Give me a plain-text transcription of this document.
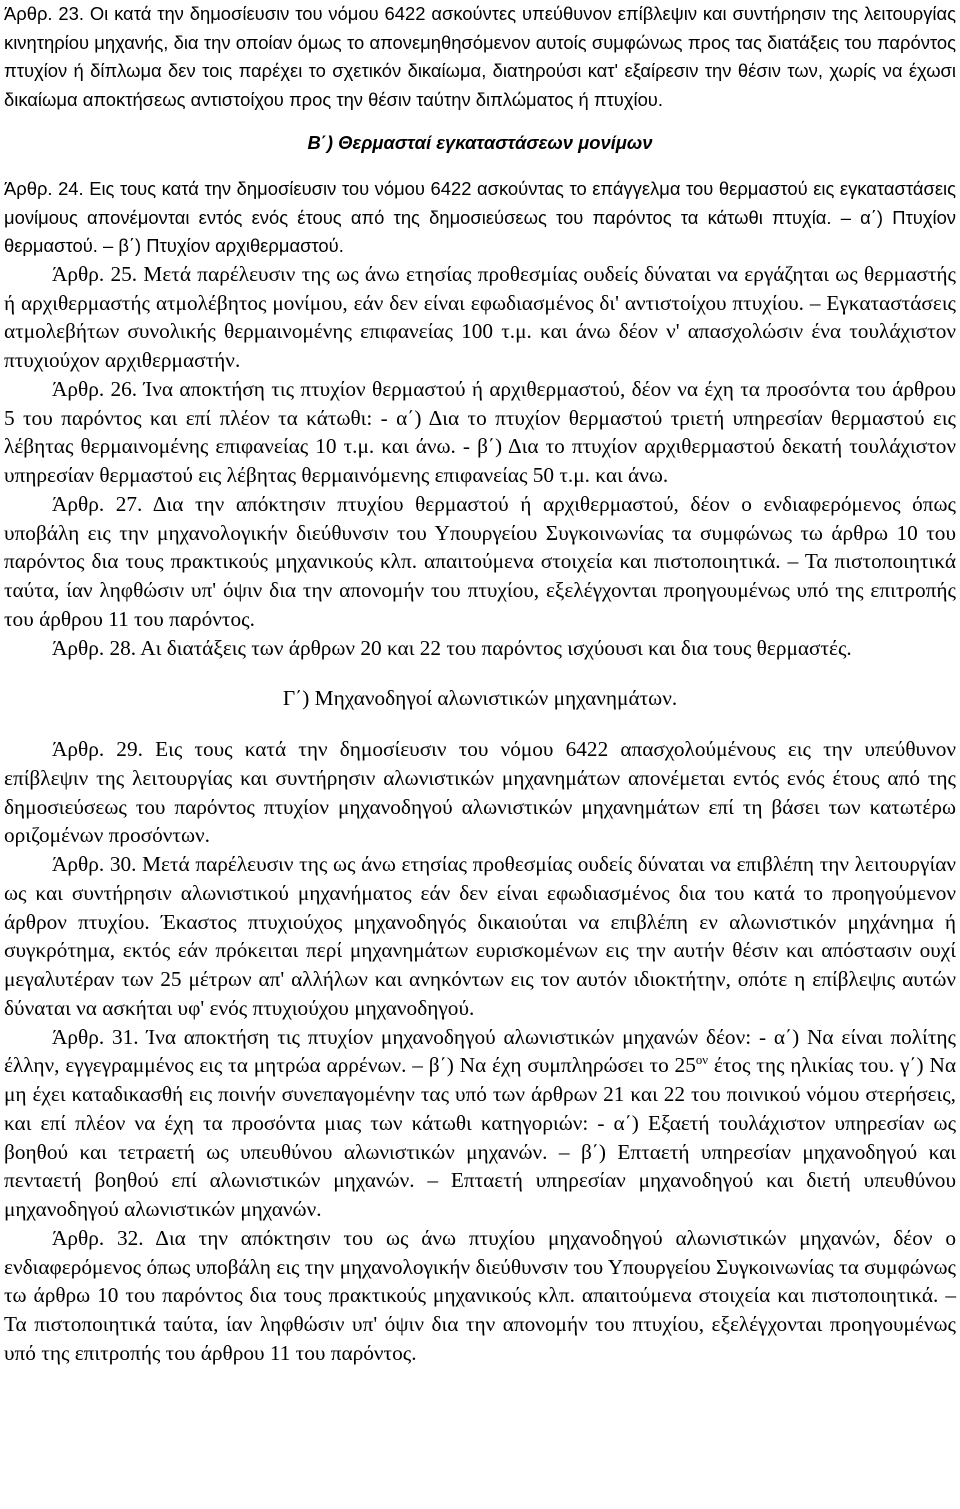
Άρθρ. 23. Οι κατά την δημοσίευσιν του νόμου 6422 ασκούντες υπεύθυνον επίβλεψιν και συντήρησιν της λειτουργίας κινητηρίου μηχανής, δια την οποίαν όμως το απονεμηθησόμενον αυτοίς συμφώνως προς τας διατάξεις του παρόντος πτυχίον ή δίπλωμα δεν τοις παρέχει το σχετικόν δικαίωμα, διατηρούσι κατ' εξαίρεσιν την θέσιν των, χωρίς να έχωσι δικαίωμα αποκτήσεως αντιστοίχου προς την θέσιν ταύτην διπλώματος ή πτυχίου.

Β΄) Θερμασταί εγκαταστάσεων μονίμων

Άρθρ. 24. Εις τους κατά την δημοσίευσιν του νόμου 6422 ασκούντας το επάγγελμα του θερμαστού εις εγκαταστάσεις μονίμους απονέμονται εντός ενός έτους από της δημοσιεύσεως του παρόντος τα κάτωθι πτυχία. – α΄) Πτυχίον θερμαστού. – β΄) Πτυχίον αρχιθερμαστού.

Άρθρ. 25. Μετά παρέλευσιν της ως άνω ετησίας προθεσμίας ουδείς δύναται να εργάζηται ως θερμαστής ή αρχιθερμαστής ατμολέβητος μονίμου, εάν δεν είναι εφωδιασμένος δι' αντιστοίχου πτυχίου. – Εγκαταστάσεις ατμολεβήτων συνολικής θερμαινομένης επιφανείας 100 τ.μ. και άνω δέον ν' απασχολώσιν ένα τουλάχιστον πτυχιούχον αρχιθερμαστήν.

Άρθρ. 26. Ίνα αποκτήση τις πτυχίον θερμαστού ή αρχιθερμαστού, δέον να έχη τα προσόντα του άρθρου 5 του παρόντος και επί πλέον τα κάτωθι: - α΄) Δια το πτυχίον θερμαστού τριετή υπηρεσίαν θερμαστού εις λέβητας θερμαινομένης επιφανείας 10 τ.μ. και άνω. - β΄) Δια το πτυχίον αρχιθερμαστού δεκατή τουλάχιστον υπηρεσίαν θερμαστού εις λέβητας θερμαινόμενης επιφανείας 50 τ.μ. και άνω.

Άρθρ. 27. Δια την απόκτησιν πτυχίου θερμαστού ή αρχιθερμαστού, δέον ο ενδιαφερόμενος όπως υποβάλη εις την μηχανολογικήν διεύθυνσιν του Υπουργείου Συγκοινωνίας τα συμφώνως τω άρθρω 10 του παρόντος δια τους πρακτικούς μηχανικούς κλπ. απαιτούμενα στοιχεία και πιστοποιητικά. – Τα πιστοποιητικά ταύτα, ίαν ληφθώσιν υπ' όψιν δια την απονομήν του πτυχίου, εξελέγχονται προηγουμένως υπό της επιτροπής του άρθρου 11 του παρόντος.

Άρθρ. 28. Αι διατάξεις των άρθρων 20 και 22 του παρόντος ισχύουσι και δια τους θερμαστές.

Γ΄) Μηχανοδηγοί αλωνιστικών μηχανημάτων.

Άρθρ. 29. Εις τους κατά την δημοσίευσιν του νόμου 6422 απασχολούμένους εις την υπεύθυνον επίβλεψιν της λειτουργίας και συντήρησιν αλωνιστικών μηχανημάτων απονέμεται εντός ενός έτους από της δημοσιεύσεως του παρόντος πτυχίον μηχανοδηγού αλωνιστικών μηχανημάτων επί τη βάσει των κατωτέρω οριζομένων προσόντων.

Άρθρ. 30. Μετά παρέλευσιν της ως άνω ετησίας προθεσμίας ουδείς δύναται να επιβλέπη την λειτουργίαν ως και συντήρησιν αλωνιστικού μηχανήματος εάν δεν είναι εφωδιασμένος δια του κατά το προηγούμενον άρθρον πτυχίου. Έκαστος πτυχιούχος μηχανοδηγός δικαιούται να επιβλέπη εν αλωνιστικόν μηχάνημα ή συγκρότημα, εκτός εάν πρόκειται περί μηχανημάτων ευρισκομένων εις την αυτήν θέσιν και απόστασιν ουχί μεγαλυτέραν των 25 μέτρων απ' αλλήλων και ανηκόντων εις τον αυτόν ιδιοκτήτην, οπότε η επίβλεψις αυτών δύναται να ασκήται υφ' ενός πτυχιούχου μηχανοδηγού.

Άρθρ. 31. Ίνα αποκτήση τις πτυχίον μηχανοδηγού αλωνιστικών μηχανών δέον: - α΄) Να είναι πολίτης έλλην, εγγεγραμμένος εις τα μητρώα αρρένων. – β΄) Να έχη συμπληρώσει το $25^{o\nu}$ έτος της ηλικίας του. γ΄) Να μη έχει καταδικασθή εις ποινήν συνεπαγομένην τας υπό των άρθρων 21 και 22 του ποινικού νόμου στερήσεις, και επί πλέον να έχη τα προσόντα μιας των κάτωθι κατηγοριών: - α΄) Εξαετή τουλάχιστον υπηρεσίαν ως βοηθού και τετραετή ως υπευθύνου αλωνιστικών μηχανών. – β΄) Επταετή υπηρεσίαν μηχανοδηγού και πενταετή βοηθού επί αλωνιστικών μηχανών. – Επταετή υπηρεσίαν μηχανοδηγού και διετή υπευθύνου μηχανοδηγού αλωνιστικών μηχανών.

Άρθρ. 32. Δια την απόκτησιν του ως άνω πτυχίου μηχανοδηγού αλωνιστικών μηχανών, δέον ο ενδιαφερόμενος όπως υποβάλη εις την μηχανολογικήν διεύθυνσιν του Υπουργείου Συγκοινωνίας τα συμφώνως τω άρθρω 10 του παρόντος δια τους πρακτικούς μηχανικούς κλπ. απαιτούμενα στοιχεία και πιστοποιητικά. – Τα πιστοποιητικά ταύτα, ίαν ληφθώσιν υπ' όψιν δια την απονομήν του πτυχίου, εξελέγχονται προηγουμένως υπό της επιτροπής του άρθρου 11 του παρόντος.
